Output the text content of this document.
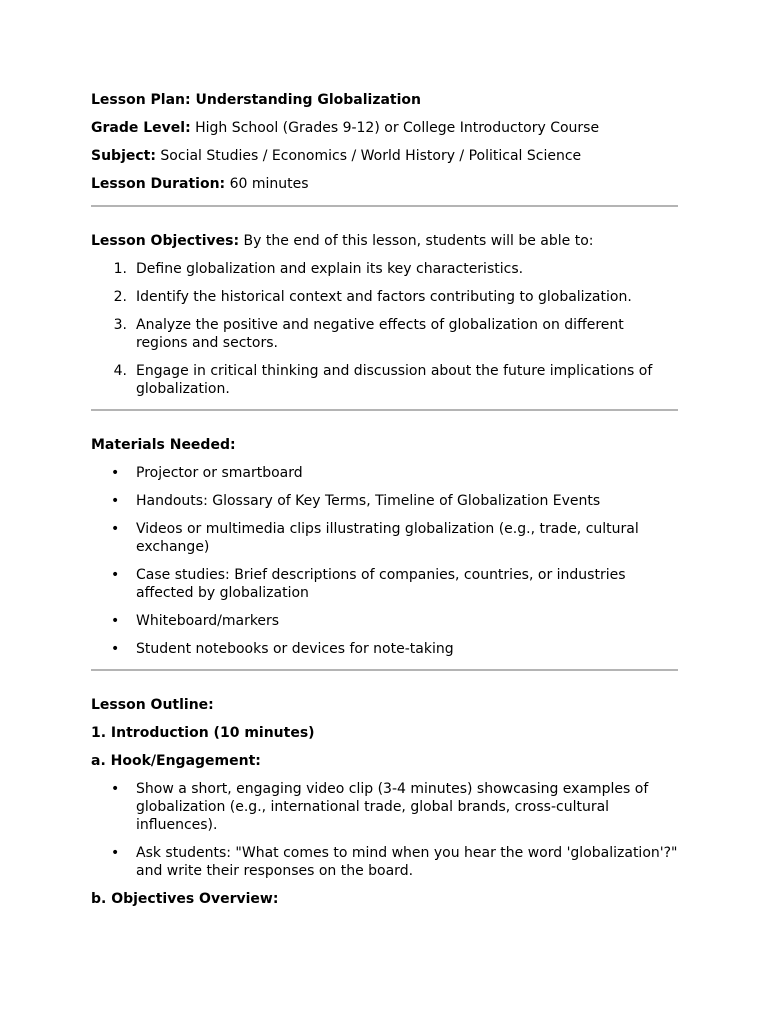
Lesson Plan: Understanding Globalization

Grade Level: High School (Grades 9-12) or College Introductory Course

Subject: Social Studies / Economics / World History / Political Science

Lesson Duration: 60 minutes

Lesson Objectives: By the end of this lesson, students will be able to:

1. Define globalization and explain its key characteristics.
2. Identify the historical context and factors contributing to globalization.
3. Analyze the positive and negative effects of globalization on different regions and sectors.
4. Engage in critical thinking and discussion about the future implications of globalization.

Materials Needed:

• Projector or smartboard
• Handouts: Glossary of Key Terms, Timeline of Globalization Events
• Videos or multimedia clips illustrating globalization (e.g., trade, cultural exchange)
• Case studies: Brief descriptions of companies, countries, or industries affected by globalization
• Whiteboard/markers
• Student notebooks or devices for note-taking

Lesson Outline:

1. Introduction (10 minutes)

a. Hook/Engagement:

• Show a short, engaging video clip (3-4 minutes) showcasing examples of globalization (e.g., international trade, global brands, cross-cultural influences).
• Ask students: "What comes to mind when you hear the word 'globalization'?" and write their responses on the board.

b. Objectives Overview:
